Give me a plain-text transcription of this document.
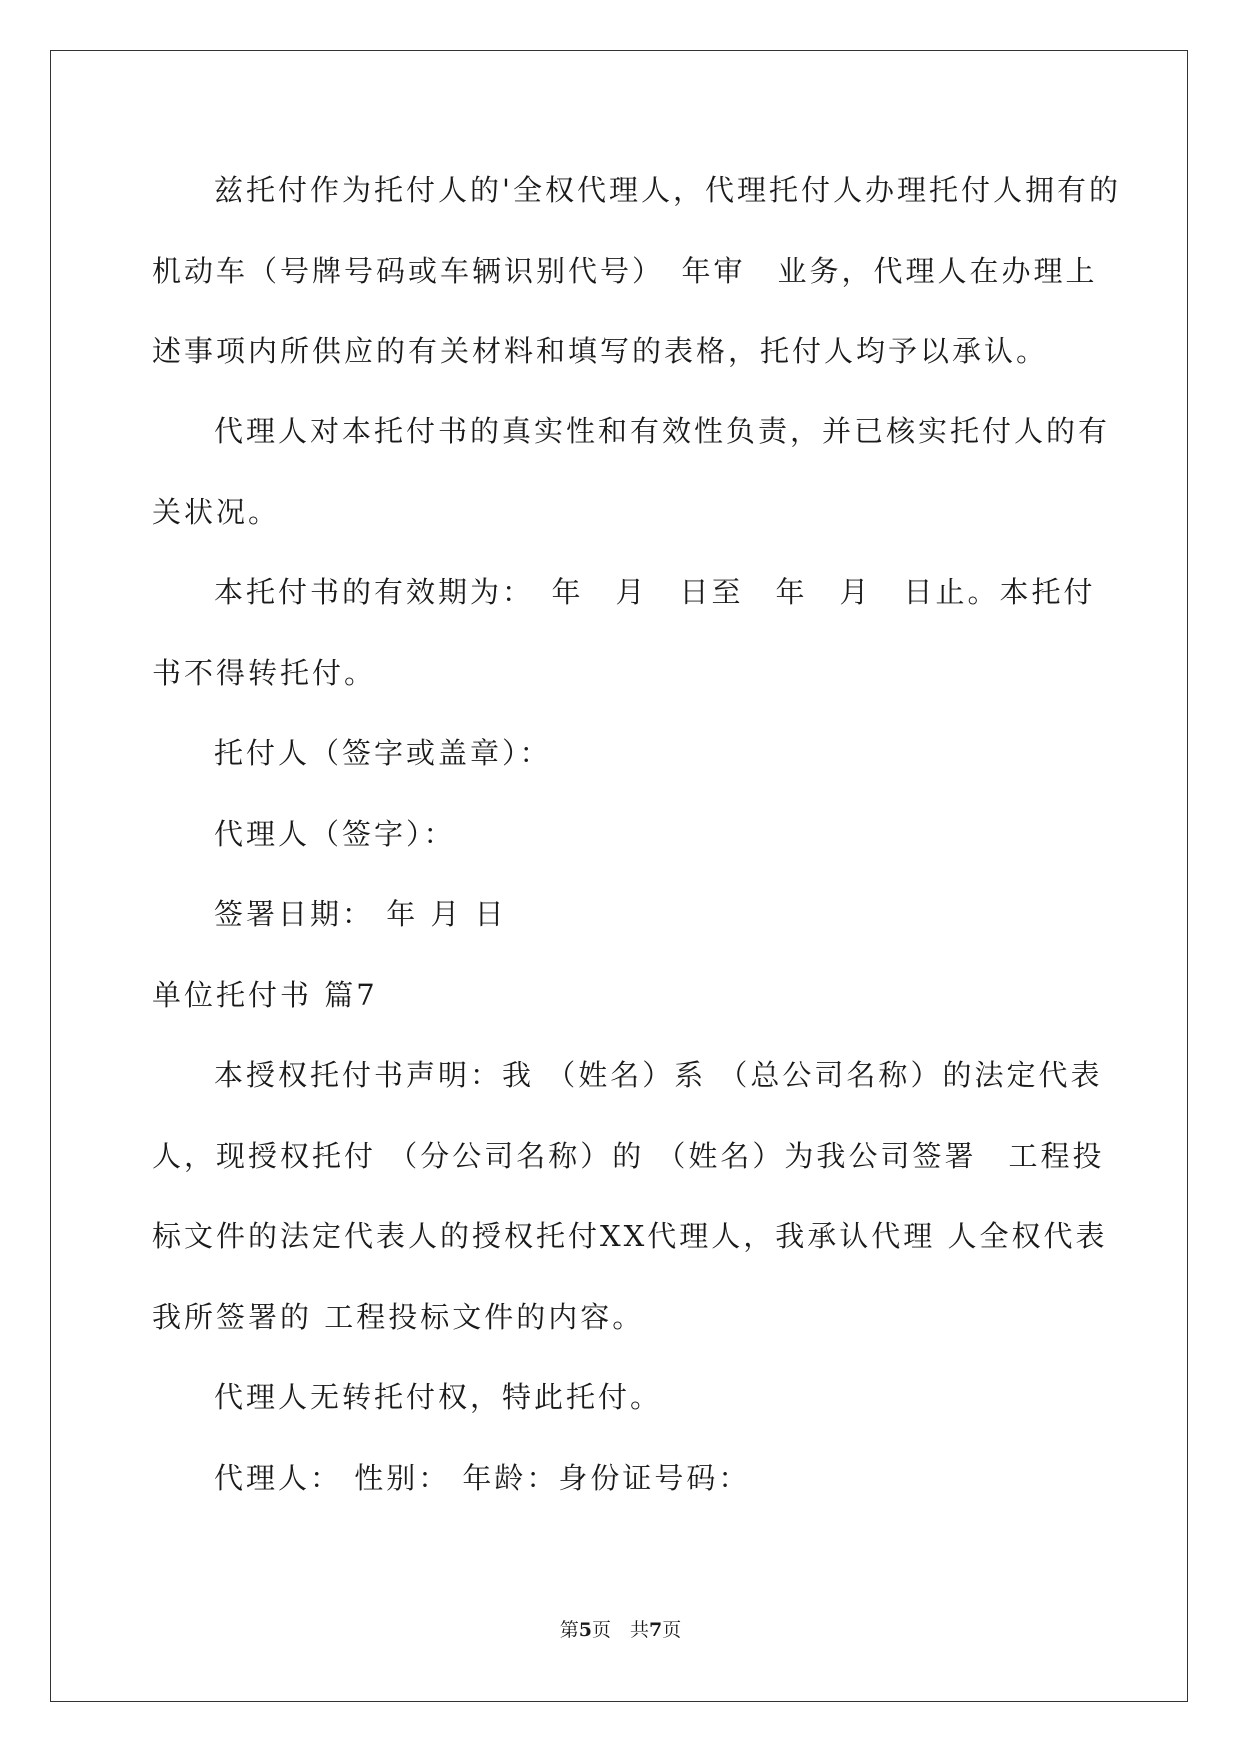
兹托付作为托付人的'全权代理人，代理托付人办理托付人拥有的
机动车（号牌号码或车辆识别代号）　年审　业务，代理人在办理上
述事项内所供应的有关材料和填写的表格，托付人均予以承认。
代理人对本托付书的真实性和有效性负责，并已核实托付人的有
关状况。
本托付书的有效期为：　年　月　日至　年　月　日止。本托付
书不得转托付。
托付人（签字或盖章）：
代理人（签字）：
签署日期： 年 月 日
单位托付书 篇7
本授权托付书声明：我 （姓名）系 （总公司名称）的法定代表
人，现授权托付 （分公司名称）的 （姓名）为我公司签署　工程投
标文件的法定代表人的授权托付XX代理人，我承认代理 人全权代表
我所签署的 工程投标文件的内容。
代理人无转托付权，特此托付。
代理人： 性别： 年龄：身份证号码：
第5页　共7页
